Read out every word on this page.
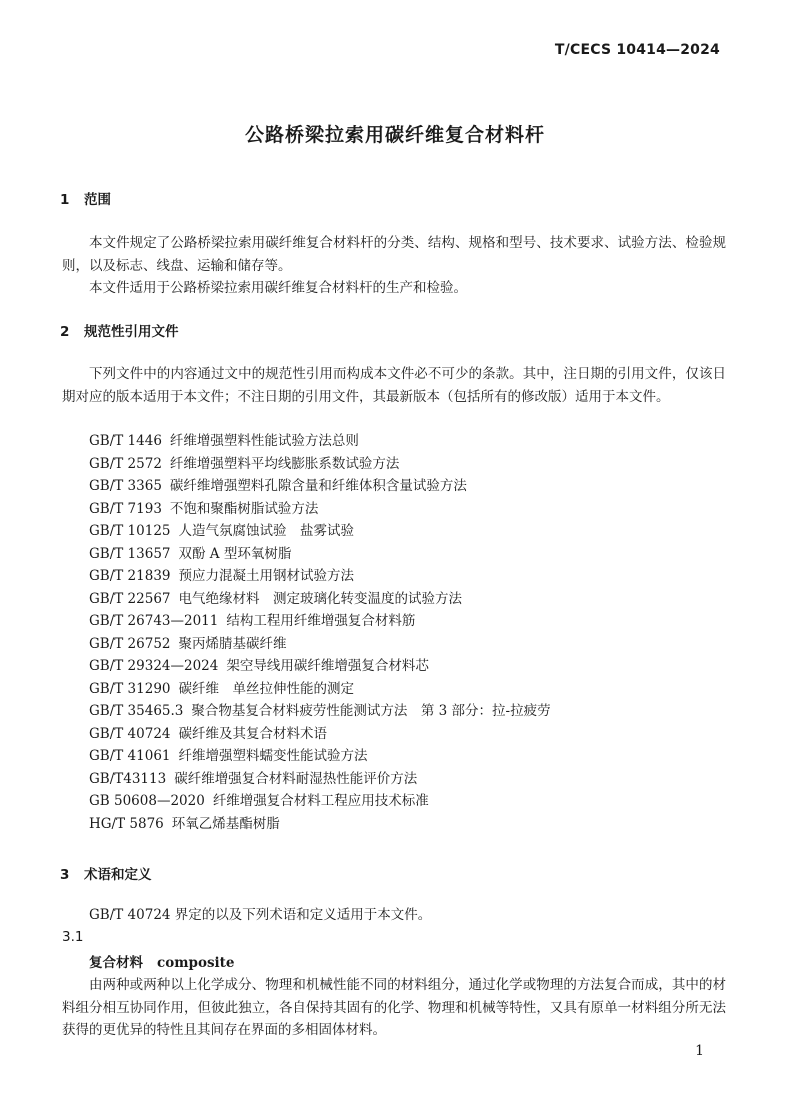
T/CECS 10414—2024
公路桥梁拉索用碳纤维复合材料杆
1 范围

本文件规定了公路桥梁拉索用碳纤维复合材料杆的分类、结构、规格和型号、技术要求、试验方法、检验规则，以及标志、线盘、运输和储存等。

本文件适用于公路桥梁拉索用碳纤维复合材料杆的生产和检验。

2 规范性引用文件

下列文件中的内容通过文中的规范性引用而构成本文件必不可少的条款。其中，注日期的引用文件，仅该日期对应的版本适用于本文件；不注日期的引用文件，其最新版本（包括所有的修改版）适用于本文件。

GB/T 1446 纤维增强塑料性能试验方法总则
GB/T 2572 纤维增强塑料平均线膨胀系数试验方法
GB/T 3365 碳纤维增强塑料孔隙含量和纤维体积含量试验方法
GB/T 7193 不饱和聚酯树脂试验方法
GB/T 10125 人造气氛腐蚀试验　盐雾试验
GB/T 13657 双酚 A 型环氧树脂
GB/T 21839 预应力混凝土用钢材试验方法
GB/T 22567 电气绝缘材料　测定玻璃化转变温度的试验方法
GB/T 26743—2011 结构工程用纤维增强复合材料筋
GB/T 26752 聚丙烯腈基碳纤维
GB/T 29324—2024 架空导线用碳纤维增强复合材料芯
GB/T 31290 碳纤维　单丝拉伸性能的测定
GB/T 35465.3 聚合物基复合材料疲劳性能测试方法　第 3 部分：拉-拉疲劳
GB/T 40724 碳纤维及其复合材料术语
GB/T 41061 纤维增强塑料蠕变性能试验方法
GB/T43113 碳纤维增强复合材料耐湿热性能评价方法
GB 50608—2020 纤维增强复合材料工程应用技术标准
HG/T 5876 环氧乙烯基酯树脂
3 术语和定义

GB/T 40724 界定的以及下列术语和定义适用于本文件。

3.1
复合材料 composite

由两种或两种以上化学成分、物理和机械性能不同的材料组分，通过化学或物理的方法复合而成，其中的材料组分相互协同作用，但彼此独立，各自保持其固有的化学、物理和机械等特性，又具有原单一材料组分所无法获得的更优异的特性且其间存在界面的多相固体材料。

1
